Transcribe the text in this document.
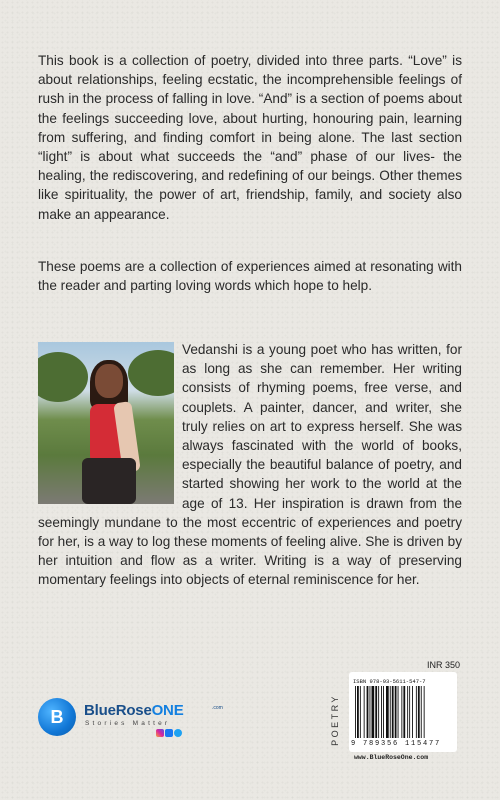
This book is a collection of poetry, divided into three parts. “Love” is about relationships, feeling ecstatic, the incomprehensible feelings of rush in the process of falling in love. “And” is a section of poems about the feelings succeeding love, about hurting, honouring pain, learning from suffering, and finding comfort in being alone. The last section “light” is about what succeeds the “and” phase of our lives- the healing, the rediscovering, and redefining of our beings. Other themes like spirituality, the power of art, friendship, family, and society also make an appearance.

These poems are a collection of experiences aimed at resonating with the reader and parting loving words which hope to help.

Vedanshi is a young poet who has written, for as long as she can remember. Her writing consists of rhyming poems, free verse, and couplets. A painter, dancer, and writer, she truly relies on art to express herself. She was always fascinated with the world of books, especially the beautiful balance of poetry, and started showing her work to the world at the age of 13. Her inspiration is drawn from the seemingly mundane to the most eccentric of experiences and poetry for her, is a way to log these moments of feeling alive. She is driven by her intuition and flow as a writer. Writing is a way of preserving momentary feelings into objects of eternal reminiscence for her.

INR 350
B	BlueRoseONE	.com
Stories Matter	POETRY
ISBN 978-93-5611-547-7
9 789356 115477
www.BlueRoseOne.com
